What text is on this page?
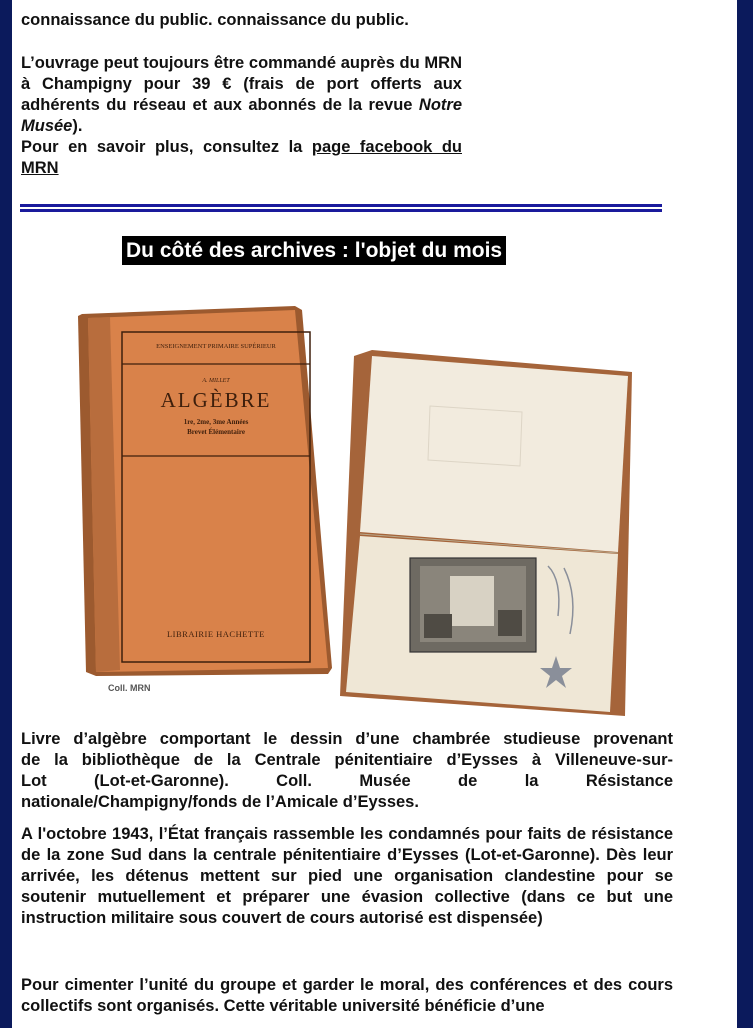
connaissance du public. connaissance du public.

L’ouvrage peut toujours être commandé auprès du MRN à Champigny pour 39 € (frais de port offerts aux adhérents du réseau et aux abonnés de la revue Notre Musée).
Pour en savoir plus, consultez la page facebook du MRN

Du côté des archives : l'objet du mois
ENSEIGNEMENT PRIMAIRE SUPÉRIEUR
A. MILLET
ALGÈBRE
1re, 2me, 3me Années
Brevet Élémentaire
LIBRAIRIE HACHETTE
Coll. MRN

Livre d’algèbre comportant le dessin d’une chambrée studieuse provenant
de la bibliothèque de la Centrale pénitentiaire d’Eysses à Villeneuve-sur-
Lot (Lot-et-Garonne). Coll. Musée de la Résistance
nationale/Champigny/fonds de l’Amicale d’Eysses.

A l'octobre 1943, l’État français rassemble les condamnés pour faits de résistance de la zone Sud dans la centrale pénitentiaire d’Eysses (Lot-et-Garonne). Dès leur arrivée, les détenus mettent sur pied une organisation clandestine pour se soutenir mutuellement et préparer une évasion collective (dans ce but une instruction militaire sous couvert de cours autorisé est dispensée)

Pour cimenter l’unité du groupe et garder le moral, des conférences et des cours collectifs sont organisés. Cette véritable université bénéficie d’une
